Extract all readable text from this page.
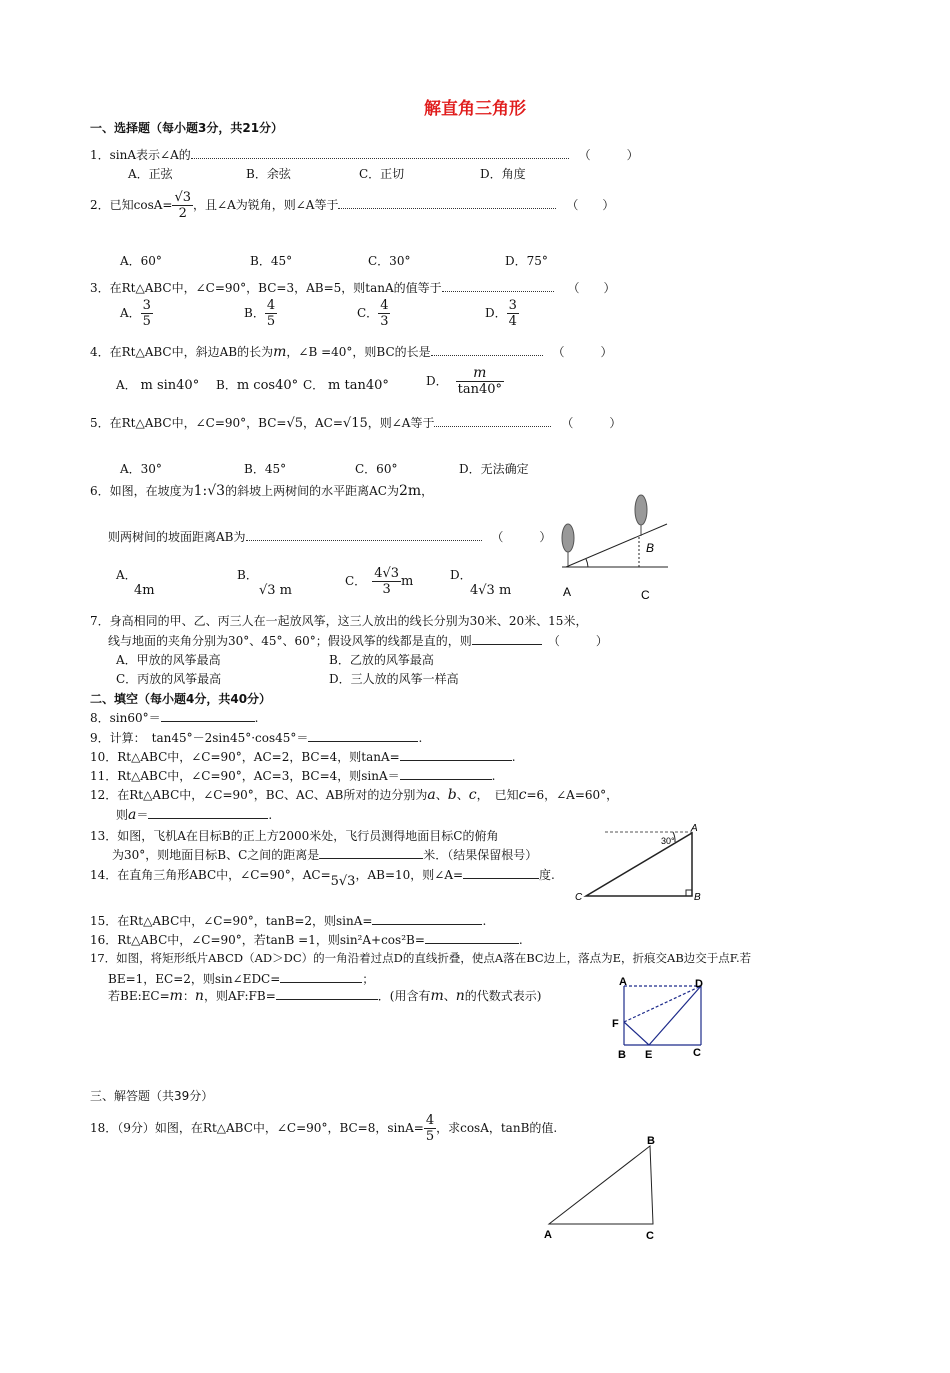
解直角三角形
一、选择题（每小题3分，共21分）
1．sinA表示∠A的	（　　　）
A．正弦	B．余弦	C．正切	D．角度
2．已知$\cos A= \frac{√3}{2}$ ，且∠A为锐角，则∠A等于	（　　）
A．60°	B．45°	C．30°	D．75°
3．在Rt△ABC中，∠C=90°，BC=3，AB=5，则tanA的值等于	（　　）
A． $\frac{3}{5}$	B． $\frac{4}{5}$	C． $\frac{4}{3}$	D． $\frac{3}{4}$
4．在Rt△ABC中，斜边AB的长为m，∠B =40°，则BC的长是	（　　　）
A． m sin40° B．m cos40° C． m tan40°	D． $\frac{m}{\tan 40^\circ}$
5．在Rt△ABC中，∠C=90°，BC=√5，AC=√15，则∠A等于	（　　　）
A．30°	B．45°	C．60°	D．无法确定
6．如图，在坡度为1:√3的斜坡上两树间的水平距离AC为2m，
则两树间的坡面距离AB为	（　　　）
A．
4m
B．
√3 m
C． $\frac{4√3}{3}$ m	D．
4√3 m
B
A	C
7．身高相同的甲、乙、丙三人在一起放风筝，这三人放出的线长分别为30米、20米、15米，
线与地面的夹角分别为30°、45°、60°；假设风筝的线都是直的，则	（　　　）
A．甲放的风筝最高	B．乙放的风筝最高
C．丙放的风筝最高	D．三人放的风筝一样高
二、填空（每小题4分，共40分）
8．sin60°＝	.
9．计算：　tan45°－2sin45°·cos45°＝	.
10．Rt△ABC中，∠C=90°，AC=2，BC=4，则tanA=	.
11．Rt△ABC中，∠C=90°，AC=3，BC=4，则sinA＝	.
12．在Rt△ABC中，∠C=90°，BC、AC、AB所对的边分别为a、b、c，　已知c=6，∠A=60°，
则a＝	.
13．如图，飞机A在目标B的正上方2000米处，飞行员测得地面目标C的俯角
为30°，则地面目标B、C之间的距离是	米．（结果保留根号）
30°
A
B
C
14．在直角三角形ABC中，∠C=90°，AC=5√3，AB=10，则∠A=	度.
15．在Rt△ABC中，∠C=90°，tanB=2，则sinA=	.
16．Rt△ABC中，∠C=90°，若tanB =1，则sin²A+cos²B=	.
17．如图，将矩形纸片ABCD（AD＞DC）的一角沿着过点D的直线折叠，使点A落在BC边上，落点为E，折痕交AB边交于点F.若
BE=1，EC=2，则sin∠EDC=	；
若BE:EC=m：n，则AF:FB=	．(用含有m、n的代数式表示)
A	D
F
B E	C
三、解答题（共39分）
18．（9分）如图，在Rt△ABC中，∠C=90°，BC=8，$\sin A= \frac{4}{5}$ ，求cosA，tanB的值.
B
A	C
